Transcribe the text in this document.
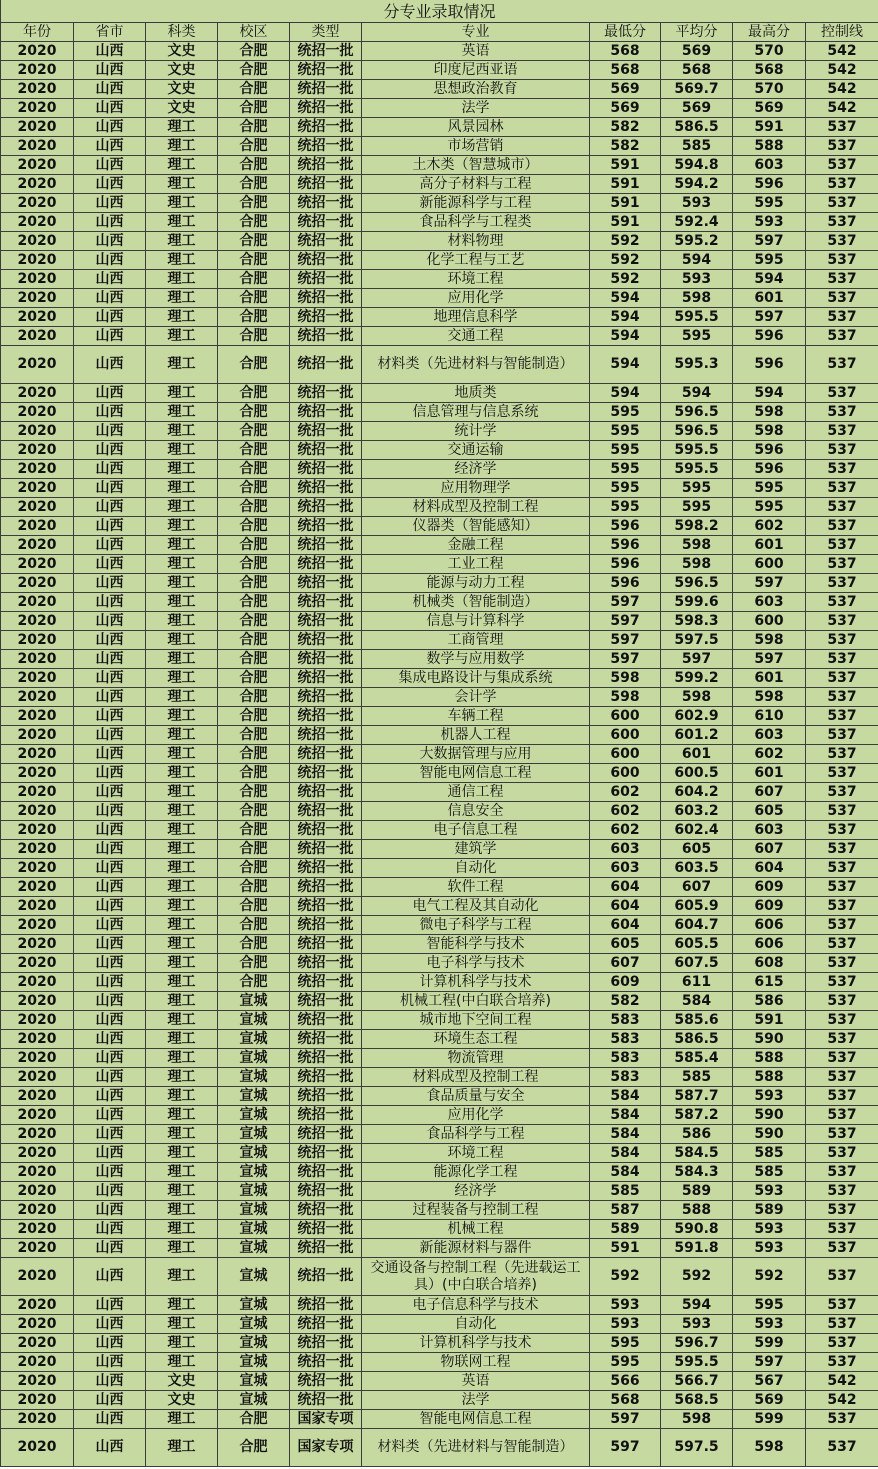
分专业录取情况									
年份	省市	科类	校区	类型	专业	最低分	平均分	最高分	控制线
2020	山西	文史	合肥	统招一批	英语	568	569	570	542
2020	山西	文史	合肥	统招一批	印度尼西亚语	568	568	568	542
2020	山西	文史	合肥	统招一批	思想政治教育	569	569.7	570	542
2020	山西	文史	合肥	统招一批	法学	569	569	569	542
2020	山西	理工	合肥	统招一批	风景园林	582	586.5	591	537
2020	山西	理工	合肥	统招一批	市场营销	582	585	588	537
2020	山西	理工	合肥	统招一批	土木类（智慧城市）	591	594.8	603	537
2020	山西	理工	合肥	统招一批	高分子材料与工程	591	594.2	596	537
2020	山西	理工	合肥	统招一批	新能源科学与工程	591	593	595	537
2020	山西	理工	合肥	统招一批	食品科学与工程类	591	592.4	593	537
2020	山西	理工	合肥	统招一批	材料物理	592	595.2	597	537
2020	山西	理工	合肥	统招一批	化学工程与工艺	592	594	595	537
2020	山西	理工	合肥	统招一批	环境工程	592	593	594	537
2020	山西	理工	合肥	统招一批	应用化学	594	598	601	537
2020	山西	理工	合肥	统招一批	地理信息科学	594	595.5	597	537
2020	山西	理工	合肥	统招一批	交通工程	594	595	596	537
2020	山西	理工	合肥	统招一批	材料类（先进材料与智能制造）	594	595.3	596	537
2020	山西	理工	合肥	统招一批	地质类	594	594	594	537
2020	山西	理工	合肥	统招一批	信息管理与信息系统	595	596.5	598	537
2020	山西	理工	合肥	统招一批	统计学	595	596.5	598	537
2020	山西	理工	合肥	统招一批	交通运输	595	595.5	596	537
2020	山西	理工	合肥	统招一批	经济学	595	595.5	596	537
2020	山西	理工	合肥	统招一批	应用物理学	595	595	595	537
2020	山西	理工	合肥	统招一批	材料成型及控制工程	595	595	595	537
2020	山西	理工	合肥	统招一批	仪器类（智能感知）	596	598.2	602	537
2020	山西	理工	合肥	统招一批	金融工程	596	598	601	537
2020	山西	理工	合肥	统招一批	工业工程	596	598	600	537
2020	山西	理工	合肥	统招一批	能源与动力工程	596	596.5	597	537
2020	山西	理工	合肥	统招一批	机械类（智能制造）	597	599.6	603	537
2020	山西	理工	合肥	统招一批	信息与计算科学	597	598.3	600	537
2020	山西	理工	合肥	统招一批	工商管理	597	597.5	598	537
2020	山西	理工	合肥	统招一批	数学与应用数学	597	597	597	537
2020	山西	理工	合肥	统招一批	集成电路设计与集成系统	598	599.2	601	537
2020	山西	理工	合肥	统招一批	会计学	598	598	598	537
2020	山西	理工	合肥	统招一批	车辆工程	600	602.9	610	537
2020	山西	理工	合肥	统招一批	机器人工程	600	601.2	603	537
2020	山西	理工	合肥	统招一批	大数据管理与应用	600	601	602	537
2020	山西	理工	合肥	统招一批	智能电网信息工程	600	600.5	601	537
2020	山西	理工	合肥	统招一批	通信工程	602	604.2	607	537
2020	山西	理工	合肥	统招一批	信息安全	602	603.2	605	537
2020	山西	理工	合肥	统招一批	电子信息工程	602	602.4	603	537
2020	山西	理工	合肥	统招一批	建筑学	603	605	607	537
2020	山西	理工	合肥	统招一批	自动化	603	603.5	604	537
2020	山西	理工	合肥	统招一批	软件工程	604	607	609	537
2020	山西	理工	合肥	统招一批	电气工程及其自动化	604	605.9	609	537
2020	山西	理工	合肥	统招一批	微电子科学与工程	604	604.7	606	537
2020	山西	理工	合肥	统招一批	智能科学与技术	605	605.5	606	537
2020	山西	理工	合肥	统招一批	电子科学与技术	607	607.5	608	537
2020	山西	理工	合肥	统招一批	计算机科学与技术	609	611	615	537
2020	山西	理工	宣城	统招一批	机械工程(中白联合培养)	582	584	586	537
2020	山西	理工	宣城	统招一批	城市地下空间工程	583	585.6	591	537
2020	山西	理工	宣城	统招一批	环境生态工程	583	586.5	590	537
2020	山西	理工	宣城	统招一批	物流管理	583	585.4	588	537
2020	山西	理工	宣城	统招一批	材料成型及控制工程	583	585	588	537
2020	山西	理工	宣城	统招一批	食品质量与安全	584	587.7	593	537
2020	山西	理工	宣城	统招一批	应用化学	584	587.2	590	537
2020	山西	理工	宣城	统招一批	食品科学与工程	584	586	590	537
2020	山西	理工	宣城	统招一批	环境工程	584	584.5	585	537
2020	山西	理工	宣城	统招一批	能源化学工程	584	584.3	585	537
2020	山西	理工	宣城	统招一批	经济学	585	589	593	537
2020	山西	理工	宣城	统招一批	过程装备与控制工程	587	588	589	537
2020	山西	理工	宣城	统招一批	机械工程	589	590.8	593	537
2020	山西	理工	宣城	统招一批	新能源材料与器件	591	591.8	593	537
2020	山西	理工	宣城	统招一批	交通设备与控制工程（先进载运工具）(中白联合培养)	592	592	592	537
2020	山西	理工	宣城	统招一批	电子信息科学与技术	593	594	595	537
2020	山西	理工	宣城	统招一批	自动化	593	593	593	537
2020	山西	理工	宣城	统招一批	计算机科学与技术	595	596.7	599	537
2020	山西	理工	宣城	统招一批	物联网工程	595	595.5	597	537
2020	山西	文史	宣城	统招一批	英语	566	566.7	567	542
2020	山西	文史	宣城	统招一批	法学	568	568.5	569	542
2020	山西	理工	合肥	国家专项	智能电网信息工程	597	598	599	537
2020	山西	理工	合肥	国家专项	材料类（先进材料与智能制造）	597	597.5	598	537
